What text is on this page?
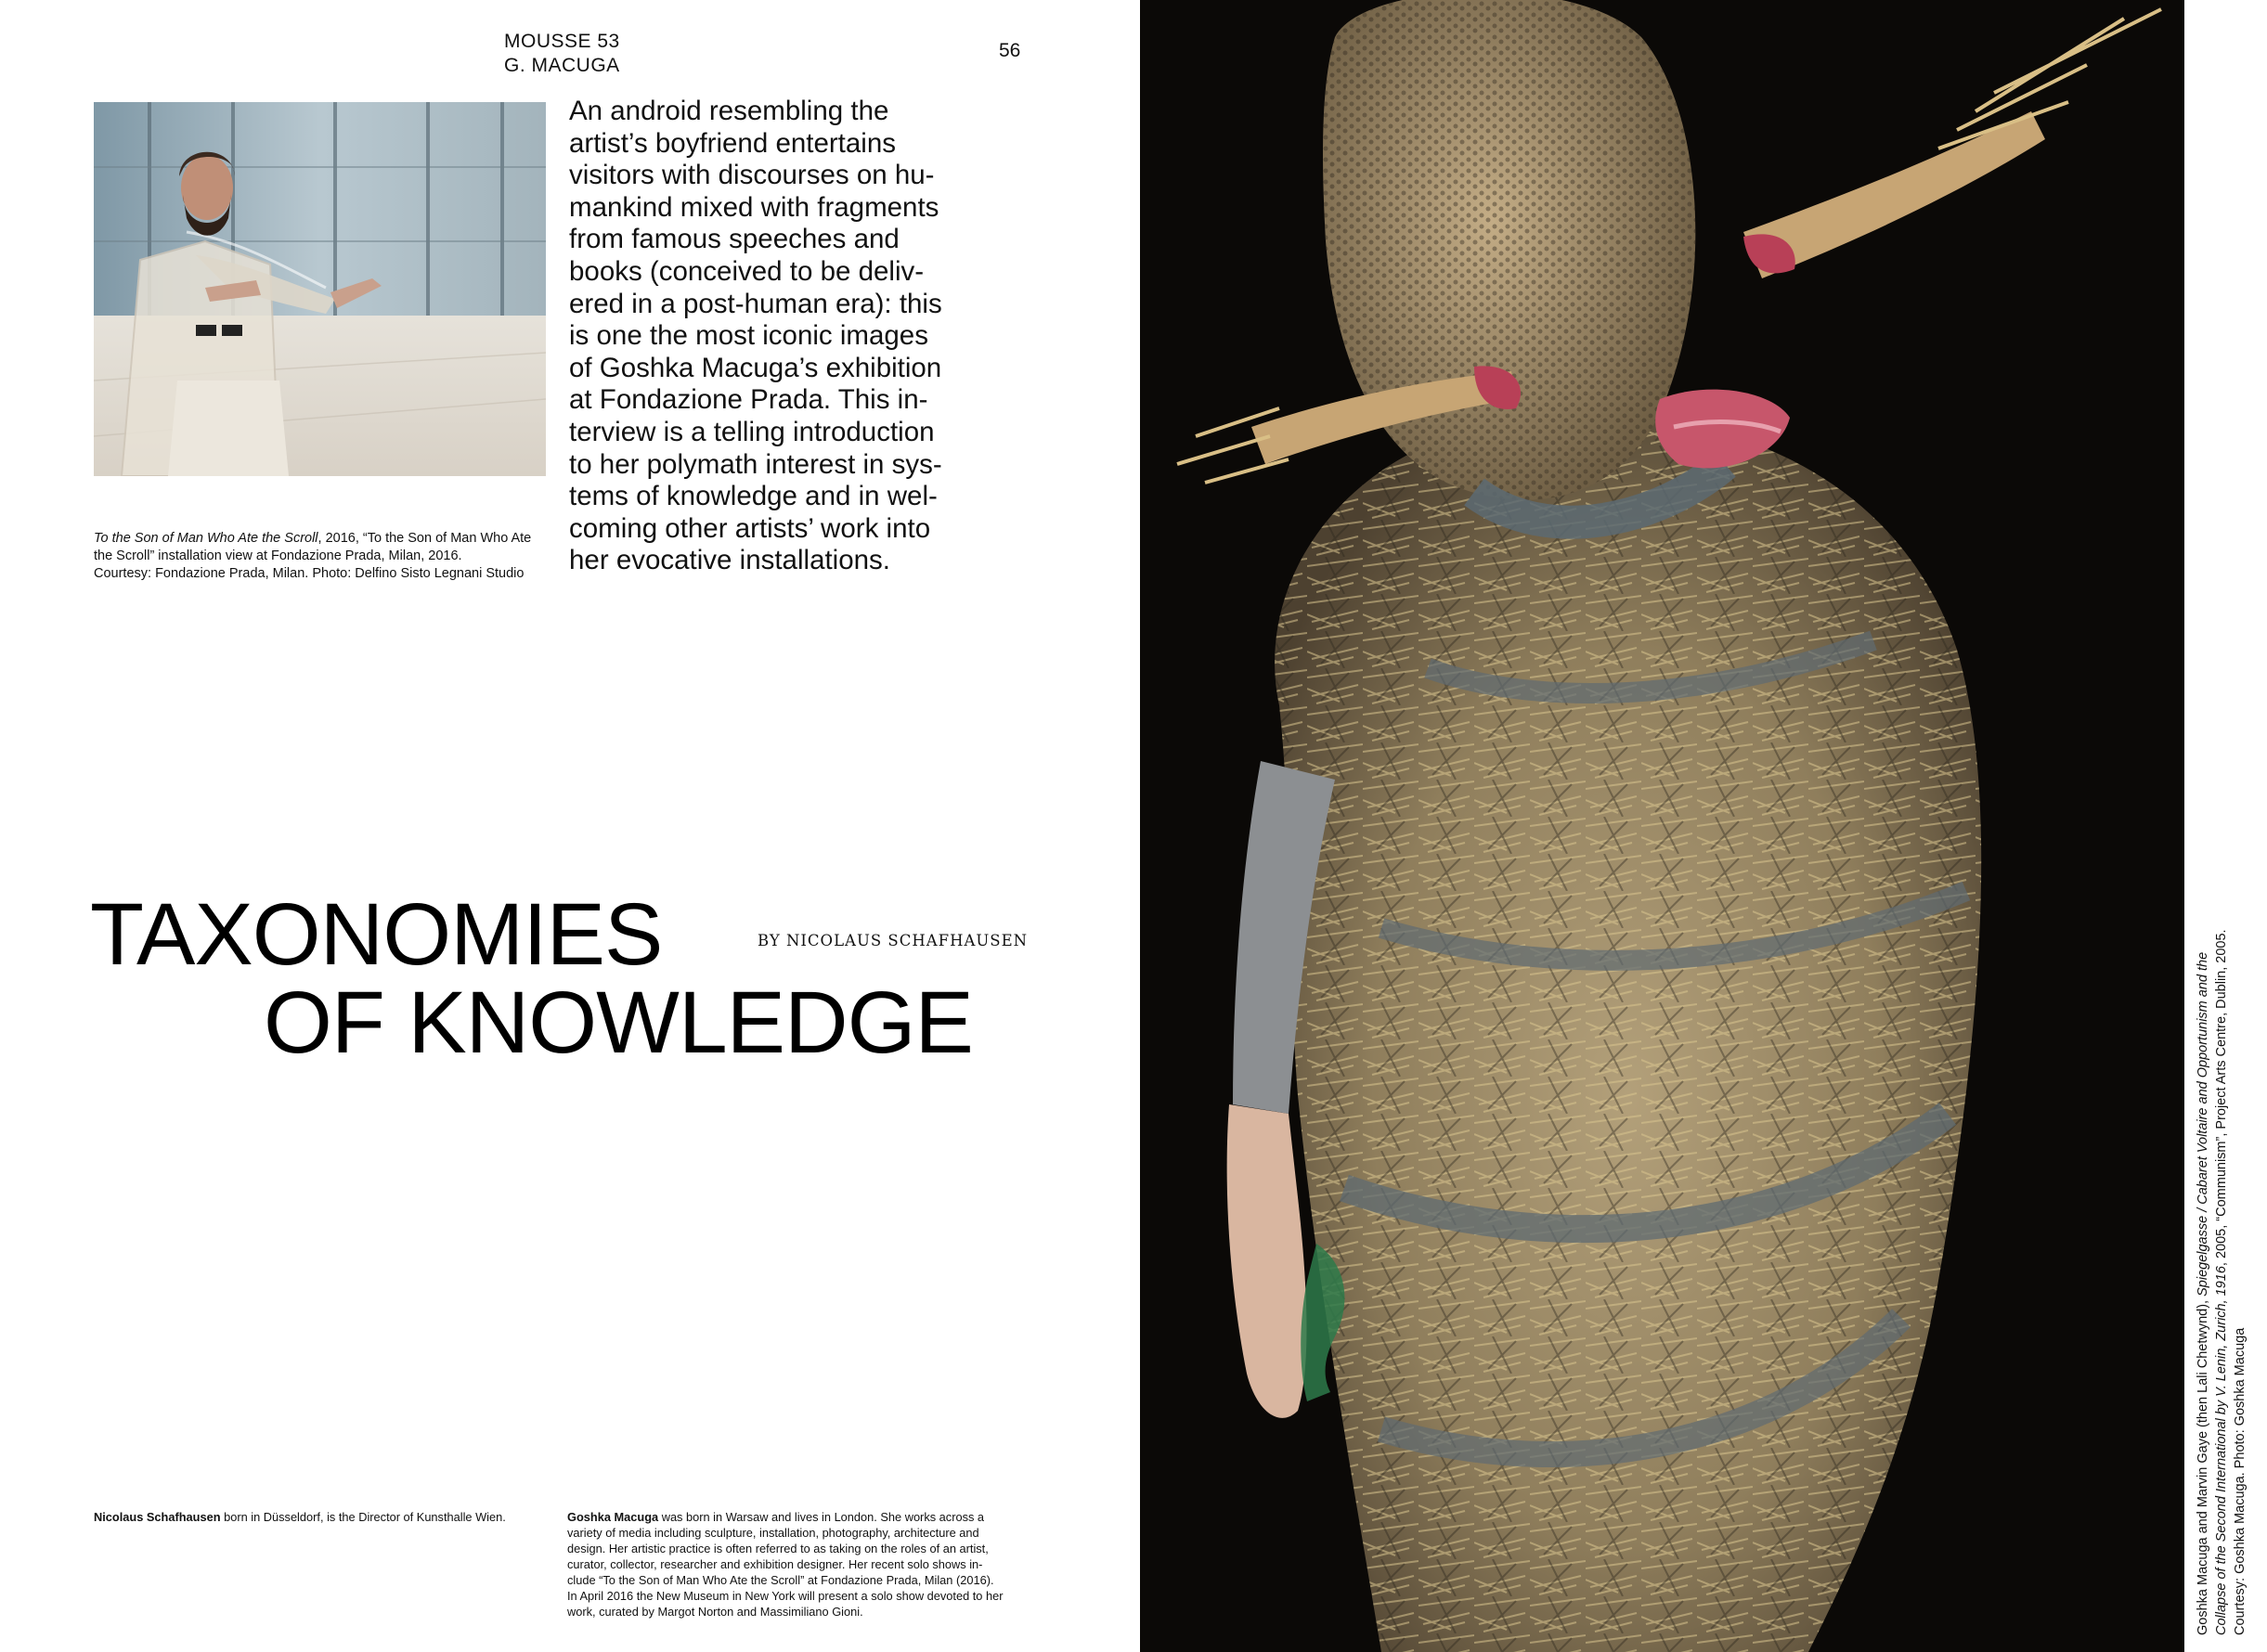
MOUSSE 53
G. MACUGA
56
To the Son of Man Who Ate the Scroll, 2016, “To the Son of Man Who Ate
the Scroll” installation view at Fondazione Prada, Milan, 2016.
Courtesy: Fondazione Prada, Milan. Photo: Delfino Sisto Legnani Studio
An android resembling the
artist’s boyfriend entertains
visitors with discourses on hu-
mankind mixed with fragments
from famous speeches and
books (conceived to be deliv-
ered in a post-human era): this
is one the most iconic images
of Goshka Macuga’s exhibition
at Fondazione Prada. This in-
terview is a telling introduction
to her polymath interest in sys-
tems of knowledge and in wel-
coming other artists’ work into
her evocative installations.
TAXONOMIES
OF KNOWLEDGE
BY NICOLAUS SCHAFHAUSEN
Nicolaus Schafhausen born in Düsseldorf, is the Director of Kunsthalle Wien.	Goshka Macuga was born in Warsaw and lives in London. She works across a
variety of media including sculpture, installation, photography, architecture and
design. Her artistic practice is often referred to as taking on the roles of an artist,
curator, collector, researcher and exhibition designer. Her recent solo shows in-
clude “To the Son of Man Who Ate the Scroll” at Fondazione Prada, Milan (2016).
In April 2016 the New Museum in New York will present a solo show devoted to her
work, curated by Margot Norton and Massimiliano Gioni.	Goshka Macuga and Marvin Gaye (then Lali Chetwynd), Spiegelgasse / Cabaret Voltaire and Opportunism and the
Collapse of the Second International by V. Lenin, Zurich, 1916, 2005, “Communism”, Project Arts Centre, Dublin, 2005.
Courtesy: Goshka Macuga. Photo: Goshka Macuga
